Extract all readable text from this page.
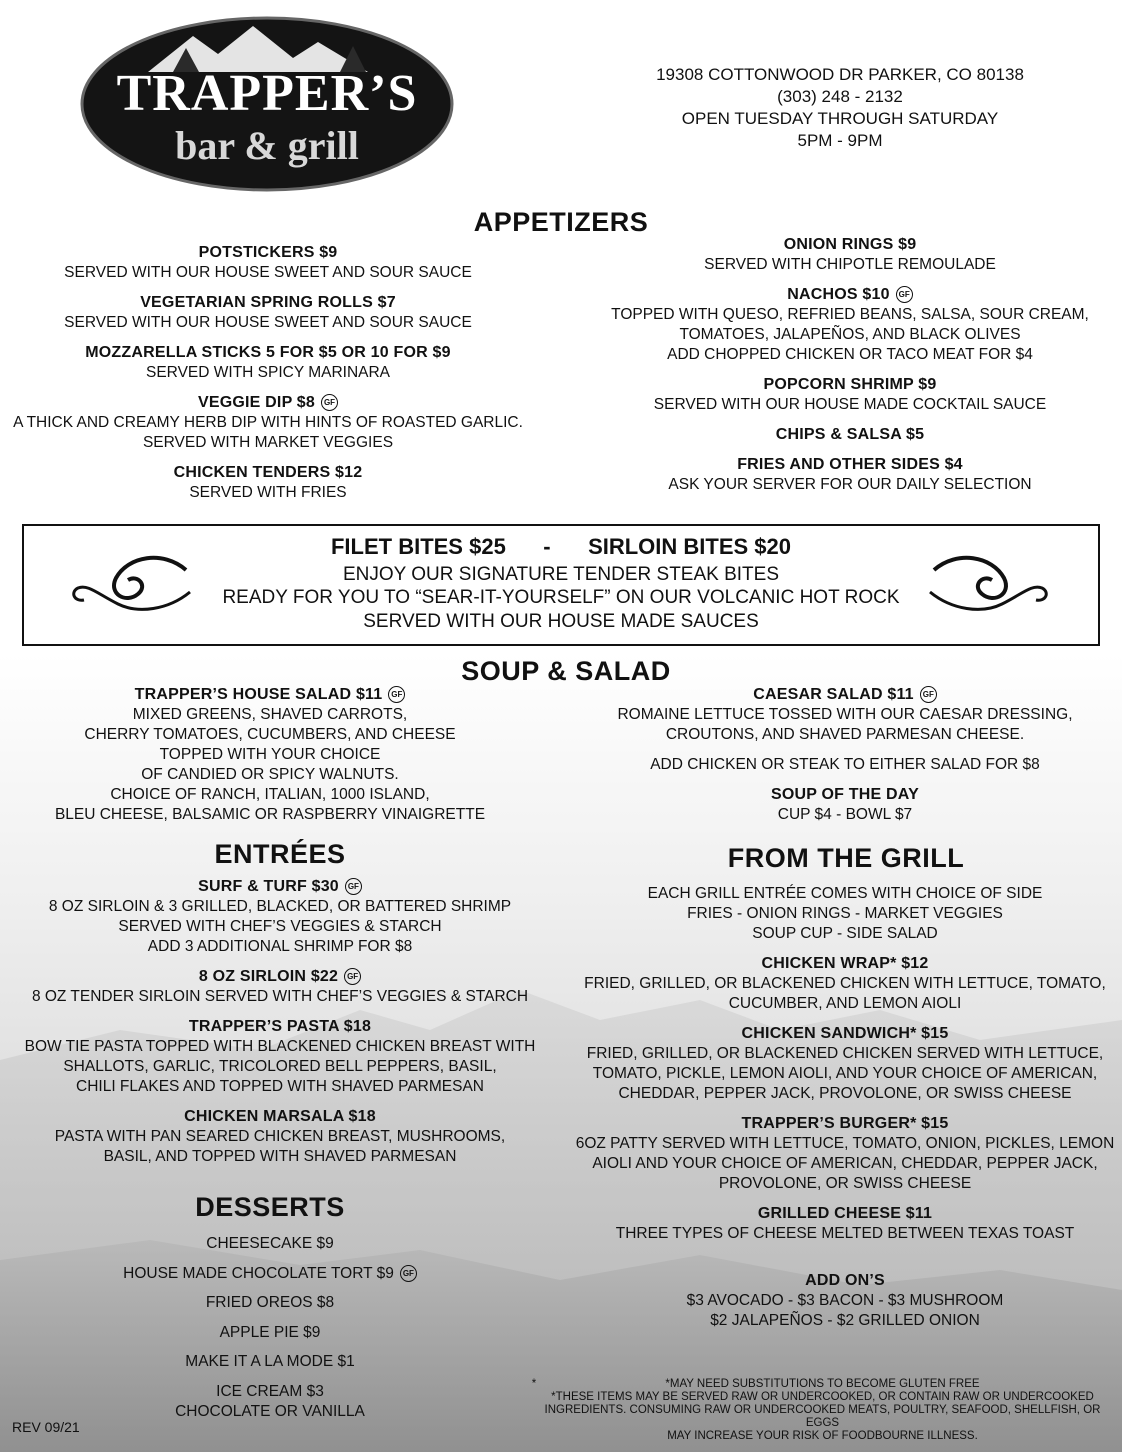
TRAPPER’S
bar & grill
19308 COTTONWOOD DR PARKER, CO 80138
(303) 248 - 2132
OPEN TUESDAY THROUGH SATURDAY
5PM - 9PM
APPETIZERS
POTSTICKERS $9
SERVED WITH OUR HOUSE SWEET AND SOUR SAUCE
VEGETARIAN SPRING ROLLS $7
SERVED WITH OUR HOUSE SWEET AND SOUR SAUCE
MOZZARELLA STICKS 5 FOR $5 OR 10 FOR $9
SERVED WITH SPICY MARINARA
VEGGIE DIP $8 GF
A THICK AND CREAMY HERB DIP WITH HINTS OF ROASTED GARLIC.
SERVED WITH MARKET VEGGIES
CHICKEN TENDERS $12
SERVED WITH FRIES
ONION RINGS $9
SERVED WITH CHIPOTLE REMOULADE
NACHOS $10 GF
TOPPED WITH QUESO, REFRIED BEANS, SALSA, SOUR CREAM,
TOMATOES, JALAPEÑOS, AND BLACK OLIVES
ADD CHOPPED CHICKEN OR TACO MEAT FOR $4
POPCORN SHRIMP $9
SERVED WITH OUR HOUSE MADE COCKTAIL SAUCE
CHIPS & SALSA $5
FRIES AND OTHER SIDES $4
ASK YOUR SERVER FOR OUR DAILY SELECTION
FILET BITES $25 - SIRLOIN BITES $20
ENJOY OUR SIGNATURE TENDER STEAK BITES
READY FOR YOU TO “SEAR-IT-YOURSELF” ON OUR VOLCANIC HOT ROCK
SERVED WITH OUR HOUSE MADE SAUCES
SOUP & SALAD
TRAPPER’S HOUSE SALAD $11 GF
MIXED GREENS, SHAVED CARROTS,
CHERRY TOMATOES, CUCUMBERS, AND CHEESE
TOPPED WITH YOUR CHOICE
OF CANDIED OR SPICY WALNUTS.
CHOICE OF RANCH, ITALIAN, 1000 ISLAND,
BLEU CHEESE, BALSAMIC OR RASPBERRY VINAIGRETTE
CAESAR SALAD $11 GF
ROMAINE LETTUCE TOSSED WITH OUR CAESAR DRESSING,
CROUTONS, AND SHAVED PARMESAN CHEESE.
ADD CHICKEN OR STEAK TO EITHER SALAD FOR $8
SOUP OF THE DAY
CUP $4 - BOWL $7
ENTRÉES
SURF & TURF $30 GF
8 OZ SIRLOIN & 3 GRILLED, BLACKED, OR BATTERED SHRIMP
SERVED WITH CHEF’S VEGGIES & STARCH
ADD 3 ADDITIONAL SHRIMP FOR $8
8 OZ SIRLOIN $22 GF
8 OZ TENDER SIRLOIN SERVED WITH CHEF’S VEGGIES & STARCH
TRAPPER’S PASTA $18
BOW TIE PASTA TOPPED WITH BLACKENED CHICKEN BREAST WITH
SHALLOTS, GARLIC, TRICOLORED BELL PEPPERS, BASIL,
CHILI FLAKES AND TOPPED WITH SHAVED PARMESAN
CHICKEN MARSALA $18
PASTA WITH PAN SEARED CHICKEN BREAST, MUSHROOMS,
BASIL, AND TOPPED WITH SHAVED PARMESAN
DESSERTS
CHEESECAKE $9
HOUSE MADE CHOCOLATE TORT $9 GF
FRIED OREOS $8
APPLE PIE $9
MAKE IT A LA MODE $1
ICE CREAM $3
CHOCOLATE OR VANILLA
FROM THE GRILL
EACH GRILL ENTRÉE COMES WITH CHOICE OF SIDE
FRIES - ONION RINGS - MARKET VEGGIES
SOUP CUP - SIDE SALAD
CHICKEN WRAP* $12
FRIED, GRILLED, OR BLACKENED CHICKEN WITH LETTUCE, TOMATO,
CUCUMBER, AND LEMON AIOLI
CHICKEN SANDWICH* $15
FRIED, GRILLED, OR BLACKENED CHICKEN SERVED WITH LETTUCE,
TOMATO, PICKLE, LEMON AIOLI, AND YOUR CHOICE OF AMERICAN,
CHEDDAR, PEPPER JACK, PROVOLONE, OR SWISS CHEESE
TRAPPER’S BURGER* $15
6OZ PATTY SERVED WITH LETTUCE, TOMATO, ONION, PICKLES, LEMON
AIOLI AND YOUR CHOICE OF AMERICAN, CHEDDAR, PEPPER JACK,
PROVOLONE, OR SWISS CHEESE
GRILLED CHEESE $11
THREE TYPES OF CHEESE MELTED BETWEEN TEXAS TOAST
ADD ON’S
$3 AVOCADO - $3 BACON - $3 MUSHROOM
$2 JALAPEÑOS - $2 GRILLED ONION
*	*MAY NEED SUBSTITUTIONS TO BECOME GLUTEN FREE
*THESE ITEMS MAY BE SERVED RAW OR UNDERCOOKED, OR CONTAIN RAW OR UNDERCOOKED
INGREDIENTS. CONSUMING RAW OR UNDERCOOKED MEATS, POULTRY, SEAFOOD, SHELLFISH, OR EGGS
MAY INCREASE YOUR RISK OF FOODBOURNE ILLNESS.
REV 09/21
